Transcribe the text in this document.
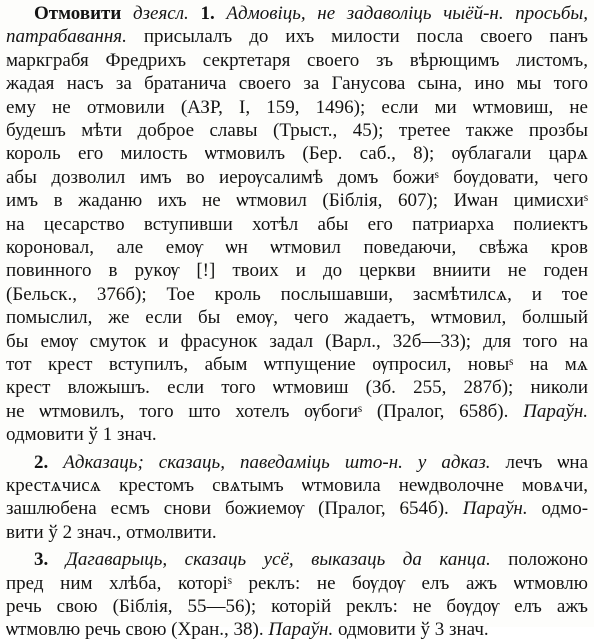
Отмовити дзеясл. 1. Адмовіць, не задаволіць чыёй-н. просьбы,
патрабавання. присылалъ до ихъ милости посла своего панъ
маркграбя Фредрихъ секртетаря своего зъ вѣрющимъ листомъ,
жадая насъ за братанича своего за Ганусова сына, ино мы того
ему не отмовили (АЗР, I, 159, 1496); если ми ѡтмовиш, не
будешъ мѣти доброе славы (Трыст., 45); третее также прозбы
король его милость ѡтмовилъ (Бер. саб., 8); ѹблагали царѧ
абы дозволил имъ во иерѹсалимѣ домъ божиˢ бѹдовати, чего
имъ в жаданю ихъ не ѡтмовил (Біблія, 607); Иѡан цимисхиˢ
на цесарство вступивши хотѣл абы его патриарха полиектъ
короновал, але емѹ ѡн ѡтмовил поведаючи, свѣжа кров
повинного в рукѹ [!] твоих и до церкви вниити не годен
(Бельск., 376б); Тое кроль послышавши, засмѣтилсѧ, и тое
помыслил, же если бы емѹ, чего жадаетъ, ѡтмовил, болшый
бы емѹ смуток и фрасунок задал (Варл., 32б—33); для того на
тот крест вступилъ, абым ѡтпущение ѹпросил, новыˢ на мѧ
крест вложышъ. если того ѡтмовиш (Зб. 255, 287б); николи
не ѡтмовилъ, того што хотелъ ѹбогиˢ (Пралог, 658б). Параўн.
одмовити ў 1 знач.
2. Адказаць; сказаць, паведаміць што-н. у адказ. лечъ ѡна
крестѧчисѧ крестомъ свѧтымъ ѡтмовила неѡдволочне мовѧчи,
зашлюбена есмъ снови божиемѹ (Пралог, 654б). Параўн. одмо-
вити ў 2 знач., отмолвити.
3. Дагаварыць, сказаць усё, выказаць да канца. положоно
пред ним хлѣба, которіˢ реклъ: не бѹдѹ елъ ажъ ѡтмовлю
речь свою (Біблія, 55—56); которій реклъ: не бѹдѹ елъ ажъ
ѡтмовлю речь свою (Хран., 38). Параўн. одмовити ў 3 знач.
